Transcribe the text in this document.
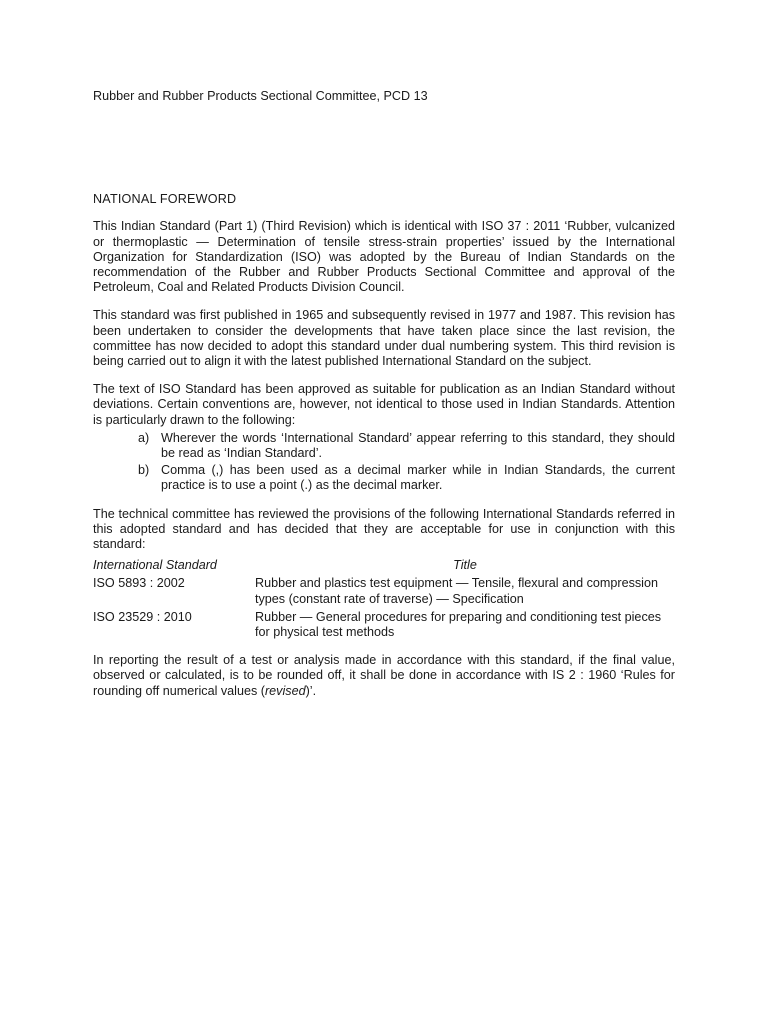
Rubber and Rubber Products Sectional Committee, PCD 13

NATIONAL FOREWORD

This Indian Standard (Part 1) (Third Revision) which is identical with ISO 37 : 2011 ‘Rubber, vulcanized or thermoplastic — Determination of tensile stress-strain properties’ issued by the International Organization for Standardization (ISO) was adopted by the Bureau of Indian Standards on the recommendation of the Rubber and Rubber Products Sectional Committee and approval of the Petroleum, Coal and Related Products Division Council.

This standard was first published in 1965 and subsequently revised in 1977 and 1987. This revision has been undertaken to consider the developments that have taken place since the last revision, the committee has now decided to adopt this standard under dual numbering system. This third revision is being carried out to align it with the latest published International Standard on the subject.

The text of ISO Standard has been approved as suitable for publication as an Indian Standard without deviations. Certain conventions are, however, not identical to those used in Indian Standards. Attention is particularly drawn to the following:

a) Wherever the words ‘International Standard’ appear referring to this standard, they should be read as ‘Indian Standard’.
b) Comma (,) has been used as a decimal marker while in Indian Standards, the current practice is to use a point (.) as the decimal marker.

The technical committee has reviewed the provisions of the following International Standards referred in this adopted standard and has decided that they are acceptable for use in conjunction with this standard:

International Standard	Title
ISO 5893 : 2002	Rubber and plastics test equipment — Tensile, flexural and compression types (constant rate of traverse) — Specification
ISO 23529 : 2010	Rubber — General procedures for preparing and conditioning test pieces for physical test methods

In reporting the result of a test or analysis made in accordance with this standard, if the final value, observed or calculated, is to be rounded off, it shall be done in accordance with IS 2 : 1960 ‘Rules for rounding off numerical values (revised)’.
